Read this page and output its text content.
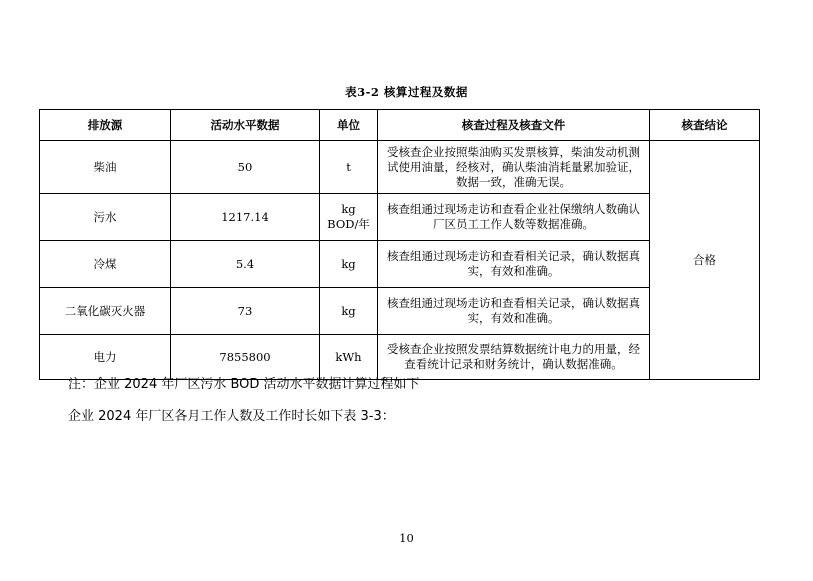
表3-2 核算过程及数据
排放源	活动水平数据	单位	核查过程及核查文件	核查结论
柴油	50	t	受核查企业按照柴油购买发票核算，柴油发动机测试使用油量，经核对，确认柴油消耗量累加验证，数据一致，准确无误。	合格
污水	1217.14	kg BOD/年	核查组通过现场走访和查看企业社保缴纳人数确认厂区员工工作人数等数据准确。	
冷煤	5.4	kg	核查组通过现场走访和查看相关记录，确认数据真实，有效和准确。	
二氧化碳灭火器	73	kg	核查组通过现场走访和查看相关记录，确认数据真实，有效和准确。	
电力	7855800	kWh	受核查企业按照发票结算数据统计电力的用量，经查看统计记录和财务统计，确认数据准确。	
注：企业 2024 年厂区污水 BOD 活动水平数据计算过程如下
企业 2024 年厂区各月工作人数及工作时长如下表 3-3：
10
